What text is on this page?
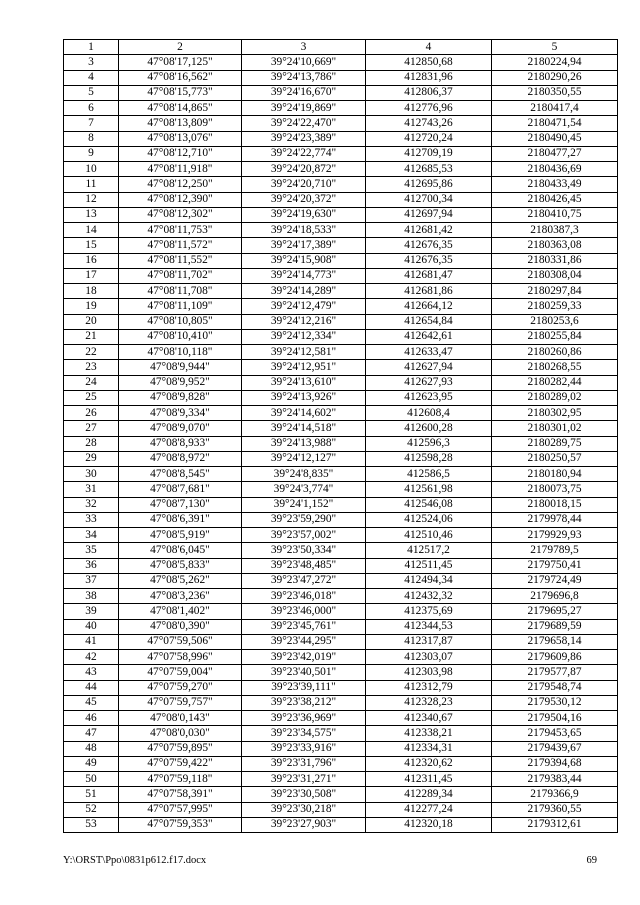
1	2	3	4	5
3	47°08'17,125"	39°24'10,669"	412850,68	2180224,94
4	47°08'16,562"	39°24'13,786"	412831,96	2180290,26
5	47°08'15,773"	39°24'16,670"	412806,37	2180350,55
6	47°08'14,865"	39°24'19,869"	412776,96	2180417,4
7	47°08'13,809"	39°24'22,470"	412743,26	2180471,54
8	47°08'13,076"	39°24'23,389"	412720,24	2180490,45
9	47°08'12,710"	39°24'22,774"	412709,19	2180477,27
10	47°08'11,918"	39°24'20,872"	412685,53	2180436,69
11	47°08'12,250"	39°24'20,710"	412695,86	2180433,49
12	47°08'12,390"	39°24'20,372"	412700,34	2180426,45
13	47°08'12,302"	39°24'19,630"	412697,94	2180410,75
14	47°08'11,753"	39°24'18,533"	412681,42	2180387,3
15	47°08'11,572"	39°24'17,389"	412676,35	2180363,08
16	47°08'11,552"	39°24'15,908"	412676,35	2180331,86
17	47°08'11,702"	39°24'14,773"	412681,47	2180308,04
18	47°08'11,708"	39°24'14,289"	412681,86	2180297,84
19	47°08'11,109"	39°24'12,479"	412664,12	2180259,33
20	47°08'10,805"	39°24'12,216"	412654,84	2180253,6
21	47°08'10,410"	39°24'12,334"	412642,61	2180255,84
22	47°08'10,118"	39°24'12,581"	412633,47	2180260,86
23	47°08'9,944"	39°24'12,951"	412627,94	2180268,55
24	47°08'9,952"	39°24'13,610"	412627,93	2180282,44
25	47°08'9,828"	39°24'13,926"	412623,95	2180289,02
26	47°08'9,334"	39°24'14,602"	412608,4	2180302,95
27	47°08'9,070"	39°24'14,518"	412600,28	2180301,02
28	47°08'8,933"	39°24'13,988"	412596,3	2180289,75
29	47°08'8,972"	39°24'12,127"	412598,28	2180250,57
30	47°08'8,545"	39°24'8,835"	412586,5	2180180,94
31	47°08'7,681"	39°24'3,774"	412561,98	2180073,75
32	47°08'7,130"	39°24'1,152"	412546,08	2180018,15
33	47°08'6,391"	39°23'59,290"	412524,06	2179978,44
34	47°08'5,919"	39°23'57,002"	412510,46	2179929,93
35	47°08'6,045"	39°23'50,334"	412517,2	2179789,5
36	47°08'5,833"	39°23'48,485"	412511,45	2179750,41
37	47°08'5,262"	39°23'47,272"	412494,34	2179724,49
38	47°08'3,236"	39°23'46,018"	412432,32	2179696,8
39	47°08'1,402"	39°23'46,000"	412375,69	2179695,27
40	47°08'0,390"	39°23'45,761"	412344,53	2179689,59
41	47°07'59,506"	39°23'44,295"	412317,87	2179658,14
42	47°07'58,996"	39°23'42,019"	412303,07	2179609,86
43	47°07'59,004"	39°23'40,501"	412303,98	2179577,87
44	47°07'59,270"	39°23'39,111"	412312,79	2179548,74
45	47°07'59,757"	39°23'38,212"	412328,23	2179530,12
46	47°08'0,143"	39°23'36,969"	412340,67	2179504,16
47	47°08'0,030"	39°23'34,575"	412338,21	2179453,65
48	47°07'59,895"	39°23'33,916"	412334,31	2179439,67
49	47°07'59,422"	39°23'31,796"	412320,62	2179394,68
50	47°07'59,118"	39°23'31,271"	412311,45	2179383,44
51	47°07'58,391"	39°23'30,508"	412289,34	2179366,9
52	47°07'57,995"	39°23'30,218"	412277,24	2179360,55
53	47°07'59,353"	39°23'27,903"	412320,18	2179312,61
Y:\ORST\Ppo\0831p612.f17.docx	69
